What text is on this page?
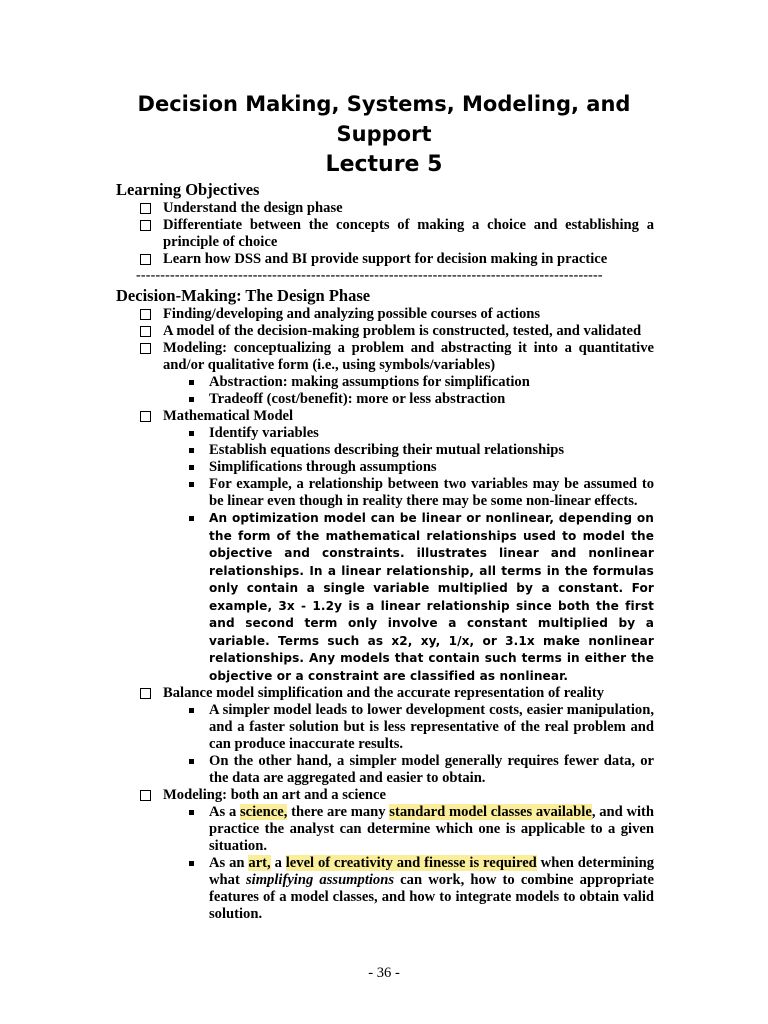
Decision Making, Systems, Modeling, and
Support
Lecture 5

Learning Objectives

Understand the design phase
Differentiate between the concepts of making a choice and establishing a principle of choice
Learn how DSS and BI provide support for decision making in practice
------------------------------------------------------------------------------------------------

Decision-Making: The Design Phase

Finding/developing and analyzing possible courses of actions
A model of the decision-making problem is constructed, tested, and validated
Modeling: conceptualizing a problem and abstracting it into a quantitative and/or qualitative form (i.e., using symbols/variables)
Abstraction: making assumptions for simplification
Tradeoff (cost/benefit): more or less abstraction
Mathematical Model
Identify variables
Establish equations describing their mutual relationships
Simplifications through assumptions
For example, a relationship between two variables may be assumed to be linear even though in reality there may be some non-linear effects.
An optimization model can be linear or nonlinear, depending on the form of the mathematical relationships used to model the objective and constraints. illustrates linear and nonlinear relationships. In a linear relationship, all terms in the formulas only contain a single variable multiplied by a constant. For example, 3x - 1.2y is a linear relationship since both the first and second term only involve a constant multiplied by a variable. Terms such as x2, xy, 1/x, or 3.1x make nonlinear relationships. Any models that contain such terms in either the objective or a constraint are classified as nonlinear.
Balance model simplification and the accurate representation of reality
A simpler model leads to lower development costs, easier manipulation, and a faster solution but is less representative of the real problem and can produce inaccurate results.
On the other hand, a simpler model generally requires fewer data, or the data are aggregated and easier to obtain.
Modeling: both an art and a science
As a science, there are many standard model classes available, and with practice the analyst can determine which one is applicable to a given situation.
As an art, a level of creativity and finesse is required when determining what simplifying assumptions can work, how to combine appropriate features of a model classes, and how to integrate models to obtain valid solution.
- 36 -
